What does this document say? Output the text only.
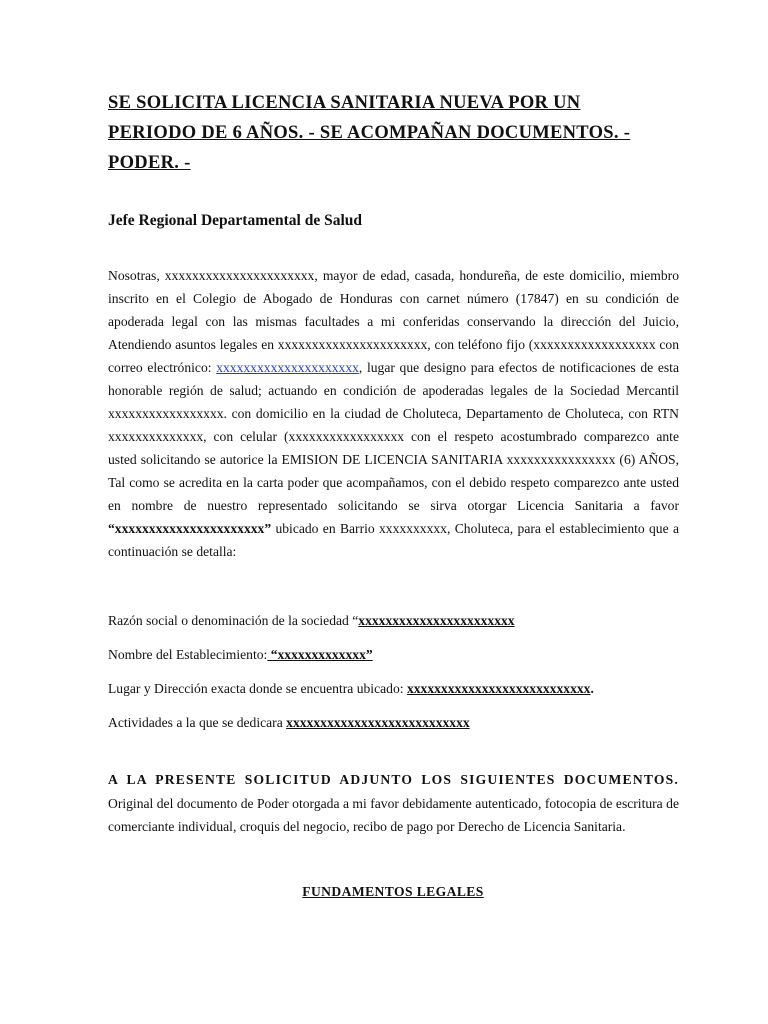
SE SOLICITA LICENCIA SANITARIA NUEVA POR UN
PERIODO DE 6 AÑOS. - SE ACOMPAÑAN DOCUMENTOS. -
PODER. -
Jefe Regional Departamental de Salud
Nosotras, xxxxxxxxxxxxxxxxxxxxxx, mayor de edad, casada, hondureña, de este domicilio, miembro inscrito en el Colegio de Abogado de Honduras con carnet número (17847) en su condición de apoderada legal con las mismas facultades a mi conferidas conservando la dirección del Juicio, Atendiendo asuntos legales en xxxxxxxxxxxxxxxxxxxxxx, con teléfono fijo (xxxxxxxxxxxxxxxxxx con correo electrónico: xxxxxxxxxxxxxxxxxxxxx, lugar que designo para efectos de notificaciones de esta honorable región de salud; actuando en condición de apoderadas legales de la Sociedad Mercantil xxxxxxxxxxxxxxxxx. con domicilio en la ciudad de Choluteca, Departamento de Choluteca, con RTN xxxxxxxxxxxxxx, con celular (xxxxxxxxxxxxxxxxx con el respeto acostumbrado comparezco ante usted solicitando se autorice la EMISION DE LICENCIA SANITARIA xxxxxxxxxxxxxxxx (6) AÑOS, Tal como se acredita en la carta poder que acompañamos, con el debido respeto comparezco ante usted en nombre de nuestro representado solicitando se sirva otorgar Licencia Sanitaria a favor “xxxxxxxxxxxxxxxxxxxxxx” ubicado en Barrio xxxxxxxxxx, Choluteca, para el establecimiento que a continuación se detalla:
Razón social o denominación de la sociedad “xxxxxxxxxxxxxxxxxxxxxxx
Nombre del Establecimiento: “xxxxxxxxxxxxx”
Lugar y Dirección exacta donde se encuentra ubicado: xxxxxxxxxxxxxxxxxxxxxxxxxxx.
Actividades a la que se dedicara xxxxxxxxxxxxxxxxxxxxxxxxxxx
A LA PRESENTE SOLICITUD ADJUNTO LOS SIGUIENTES DOCUMENTOS. Original del documento de Poder otorgada a mi favor debidamente autenticado, fotocopia de escritura de comerciante individual, croquis del negocio, recibo de pago por Derecho de Licencia Sanitaria.
FUNDAMENTOS LEGALES
